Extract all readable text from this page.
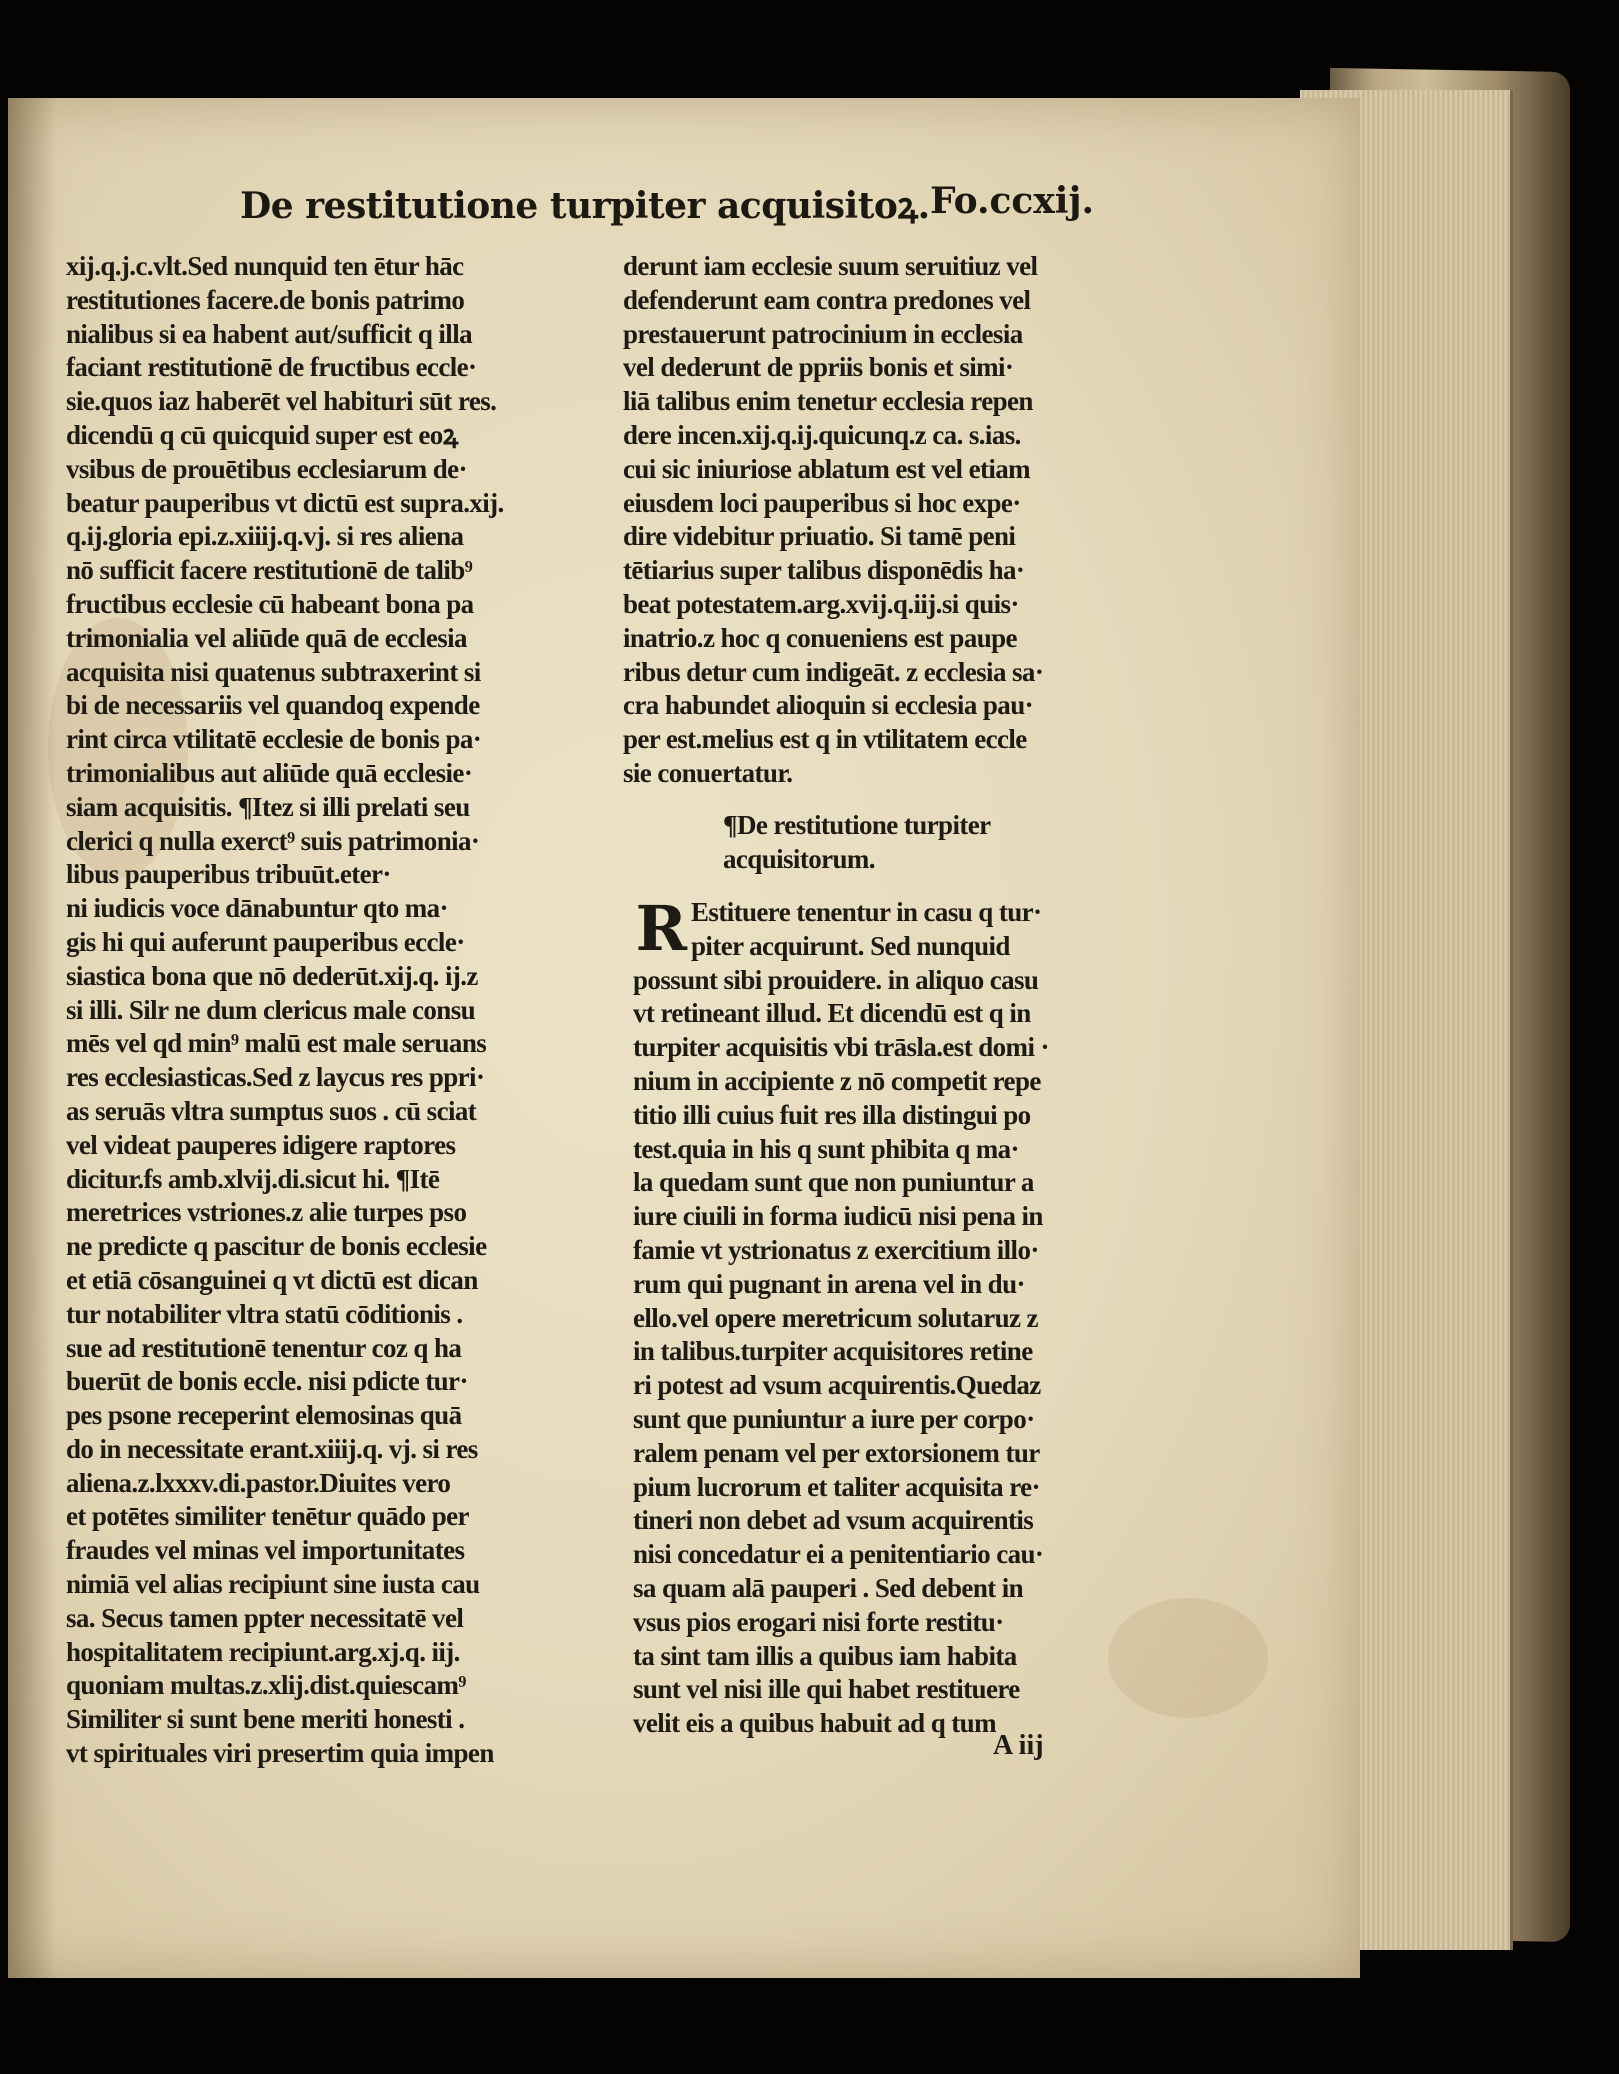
De restitutione turpiter acquisitoꝝ. Fo.ccxij.
xij.q.j.c.vlt.Sed nunquid ten ētur hāc
restitutiones facere.de bonis patrimo
nialibus si ea habent aut/sufficit q illa
faciant restitutionē de fructibus eccle·
sie.quos iaz haberēt vel habituri sūt res.
dicendū q cū quicquid super est eoꝝ
vsibus de prouētibus ecclesiarum de·
beatur pauperibus vt dictū est supra.xij.
q.ij.gloria epi.z.xiiij.q.vj. si res aliena
nō sufficit facere restitutionē de talib⁹
fructibus ecclesie cū habeant bona pa
trimonialia vel aliūde quā de ecclesia
acquisita nisi quatenus subtraxerint si
bi de necessariis vel quandoq expende
rint circa vtilitatē ecclesie de bonis pa·
trimonialibus aut aliūde quā ecclesie·
siam acquisitis. ¶Itez si illi prelati seu
clerici q nulla exerct⁹ suis patrimonia·
libus pauperibus tribuūt.eter·
ni iudicis voce dānabuntur qto ma·
gis hi qui auferunt pauperibus eccle·
siastica bona que nō dederūt.xij.q. ij.z
si illi. Silr ne dum clericus male consu
mēs vel qd min⁹ malū est male seruans
res ecclesiasticas.Sed z laycus res ppri·
as seruās vltra sumptus suos . cū sciat
vel videat pauperes idigere raptores
dicitur.fs amb.xlvij.di.sicut hi. ¶Itē
meretrices vstriones.z alie turpes pso
ne predicte q pascitur de bonis ecclesie
et etiā cōsanguinei q vt dictū est dican
tur notabiliter vltra statū cōditionis .
sue ad restitutionē tenentur coz q ha
buerūt de bonis eccle. nisi pdicte tur·
pes psone receperint elemosinas quā
do in necessitate erant.xiiij.q. vj. si res
aliena.z.lxxxv.di.pastor.Diuites vero
et potētes similiter tenētur quādo per
fraudes vel minas vel importunitates
nimiā vel alias recipiunt sine iusta cau
sa. Secus tamen ppter necessitatē vel
hospitalitatem recipiunt.arg.xj.q. iij.
quoniam multas.z.xlij.dist.quiescam⁹
Similiter si sunt bene meriti honesti .
vt spirituales viri presertim quia impen
derunt iam ecclesie suum seruitiuz vel
defenderunt eam contra predones vel
prestauerunt patrocinium in ecclesia
vel dederunt de ppriis bonis et simi·
liā talibus enim tenetur ecclesia repen
dere incen.xij.q.ij.quicunq.z ca. s.ias.
cui sic iniuriose ablatum est vel etiam
eiusdem loci pauperibus si hoc expe·
dire videbitur priuatio. Si tamē peni
tētiarius super talibus disponēdis ha·
beat potestatem.arg.xvij.q.iij.si quis·
inatrio.z hoc q conueniens est paupe
ribus detur cum indigeāt. z ecclesia sa·
cra habundet alioquin si ecclesia pau·
per est.melius est q in vtilitatem eccle
sie conuertatur.
¶De restitutione turpiter
acquisitorum.
R Estituere tenentur in casu q tur·
piter acquirunt. Sed nunquid
possunt sibi prouidere. in aliquo casu
vt retineant illud. Et dicendū est q in
turpiter acquisitis vbi trāsla.est domi ·
nium in accipiente z nō competit repe
titio illi cuius fuit res illa distingui po
test.quia in his q sunt phibita q ma·
la quedam sunt que non puniuntur a
iure ciuili in forma iudicū nisi pena in
famie vt ystrionatus z exercitium illo·
rum qui pugnant in arena vel in du·
ello.vel opere meretricum solutaruz z
in talibus.turpiter acquisitores retine
ri potest ad vsum acquirentis.Quedaz
sunt que puniuntur a iure per corpo·
ralem penam vel per extorsionem tur
pium lucrorum et taliter acquisita re·
tineri non debet ad vsum acquirentis
nisi concedatur ei a penitentiario cau·
sa quam alā pauperi . Sed debent in
vsus pios erogari nisi forte restitu·
ta sint tam illis a quibus iam habita
sunt vel nisi ille qui habet restituere
velit eis a quibus habuit ad q tum
A iij
